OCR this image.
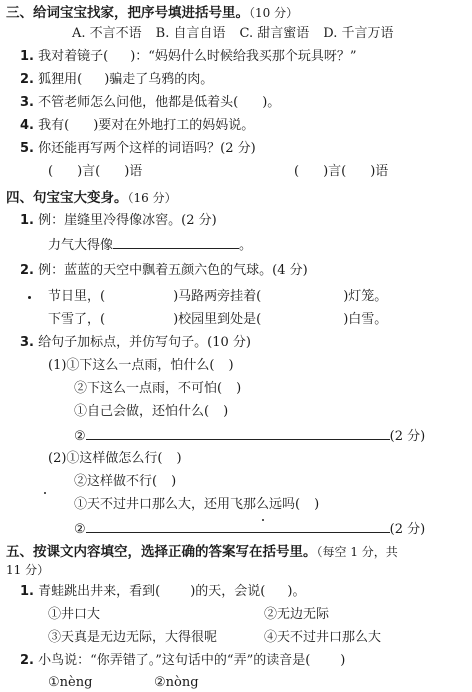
三、给词宝宝找家，把序号填进括号里。（10 分）
A. 不言不语 B. 自言自语 C. 甜言蜜语 D. 千言万语
1. 我对着镜子( )：“妈妈什么时候给我买那个玩具呀？”
2. 狐狸用( )骗走了乌鸦的肉。
3. 不管老师怎么问他，他都是低着头( )。
4. 我有( )要对在外地打工的妈妈说。
5. 你还能再写两个这样的词语吗？(2 分)
( )言( )语	( )言( )语
四、句宝宝大变身。（16 分）
1. 例：崖缝里冷得像冰窖。(2 分)
力气大得像	。
2. 例：蓝蓝的天空中飘着五颜六色的气球。(4 分)
节日里，(	)马路两旁挂着(	)灯笼。
下雪了，(	)校园里到处是(	)白雪。
3. 给句子加标点，并仿写句子。(10 分)
(1)①下这么一点雨，怕什么( )
②下这么一点雨，不可怕( )
①自己会做，还怕什么( )
②	(2 分)
(2)①这样做怎么行( )
②这样做不行( )
①天不过井口那么大，还用飞那么远吗( )
②	(2 分)
五、按课文内容填空，选择正确的答案写在括号里。（每空 1 分，共
11 分）
1. 青蛙跳出井来，看到( )的天，会说( )。
①井口大	②无边无际
③天真是无边无际，大得很呢	④天不过井口那么大
2. 小鸟说：“你弄错了。”这句话中的“弄”的读音是( )
①nèng	②nòng
